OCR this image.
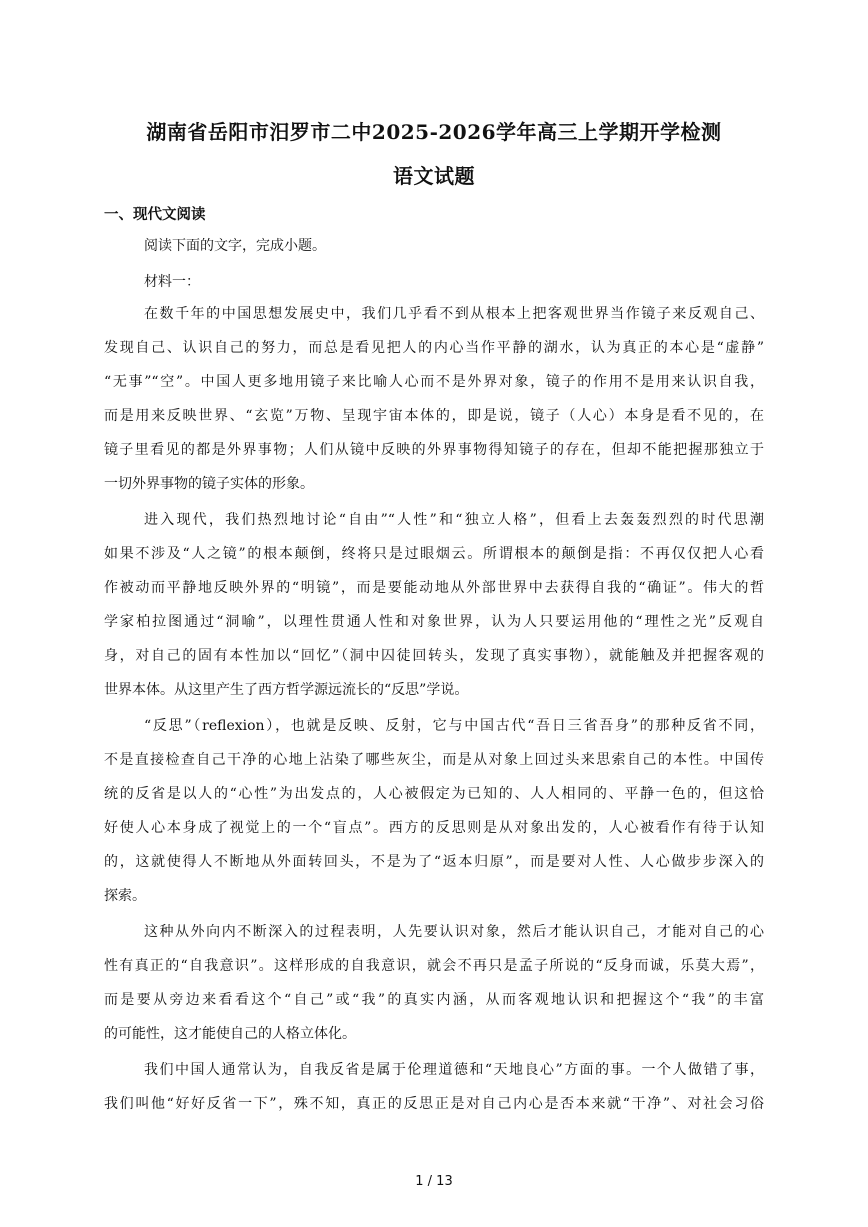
湖南省岳阳市汨罗市二中2025-2026学年高三上学期开学检测
语文试题
一、现代文阅读
阅读下面的文字，完成小题。
材料一：
在数千年的中国思想发展史中，我们几乎看不到从根本上把客观世界当作镜子来反观自己、
发现自己、认识自己的努力，而总是看见把人的内心当作平静的湖水，认为真正的本心是“虚静”
“无事”“空”。中国人更多地用镜子来比喻人心而不是外界对象，镜子的作用不是用来认识自我，
而是用来反映世界、“玄览”万物、呈现宇宙本体的，即是说，镜子（人心）本身是看不见的，在
镜子里看见的都是外界事物；人们从镜中反映的外界事物得知镜子的存在，但却不能把握那独立于
一切外界事物的镜子实体的形象。
进入现代，我们热烈地讨论“自由”“人性”和“独立人格”，但看上去轰轰烈烈的时代思潮
如果不涉及“人之镜”的根本颠倒，终将只是过眼烟云。所谓根本的颠倒是指：不再仅仅把人心看
作被动而平静地反映外界的“明镜”，而是要能动地从外部世界中去获得自我的“确证”。伟大的哲
学家柏拉图通过“洞喻”，以理性贯通人性和对象世界，认为人只要运用他的“理性之光”反观自
身，对自己的固有本性加以“回忆”（洞中囚徒回转头，发现了真实事物），就能触及并把握客观的
世界本体。从这里产生了西方哲学源远流长的“反思”学说。
“反思”（reflexion），也就是反映、反射，它与中国古代“吾日三省吾身”的那种反省不同，
不是直接检查自己干净的心地上沾染了哪些灰尘，而是从对象上回过头来思索自己的本性。中国传
统的反省是以人的“心性”为出发点的，人心被假定为已知的、人人相同的、平静一色的，但这恰
好使人心本身成了视觉上的一个“盲点”。西方的反思则是从对象出发的，人心被看作有待于认知
的，这就使得人不断地从外面转回头，不是为了“返本归原”，而是要对人性、人心做步步深入的
探索。
这种从外向内不断深入的过程表明，人先要认识对象，然后才能认识自己，才能对自己的心
性有真正的“自我意识”。这样形成的自我意识，就会不再只是孟子所说的“反身而诚，乐莫大焉”，
而是要从旁边来看看这个“自己”或“我”的真实内涵，从而客观地认识和把握这个“我”的丰富
的可能性，这才能使自己的人格立体化。
我们中国人通常认为，自我反省是属于伦理道德和“天地良心”方面的事。一个人做错了事，
我们叫他“好好反省一下”，殊不知，真正的反思正是对自己内心是否本来就“干净”、对社会习俗
1 / 13
